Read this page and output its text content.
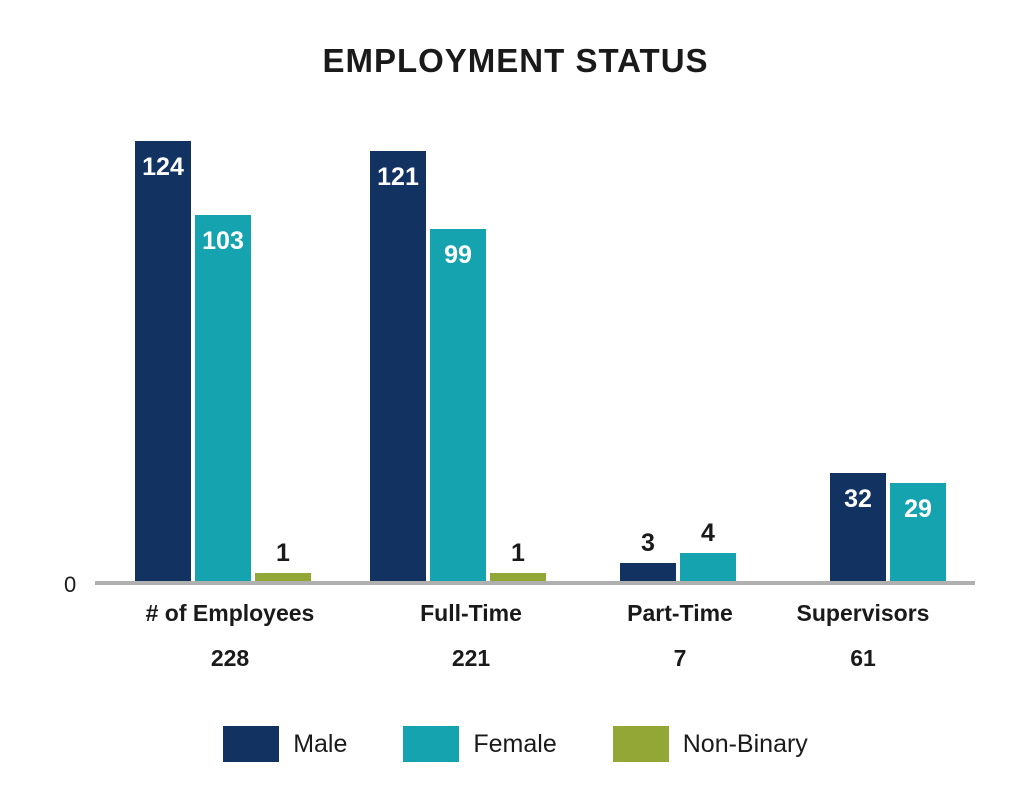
EMPLOYMENT STATUS
0
124
103
1
121
99
1	3	4
32	29
# of Employees
228
Full-Time
221
Part-Time
7
Supervisors
61
Male	Female	Non-Binary
